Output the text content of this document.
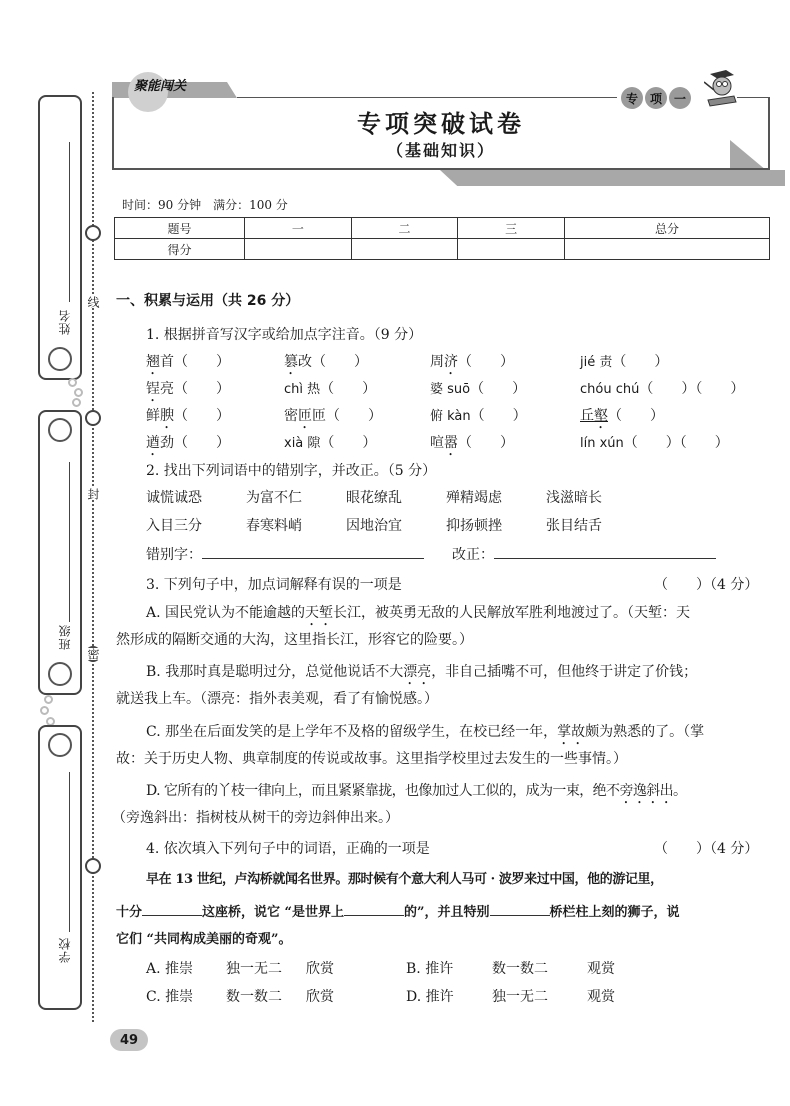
线
封
密
姓名
班级
学校
聚能闯关
专 项 一
专项突破试卷
（基础知识）
时间：90 分钟　满分：100 分
题号	一	二	三	总分
得分				
一、积累与运用（共 26 分）
1. 根据拼音写汉字或给加点字注音。（9 分）
翘首（　　）	篡改（　　）	周济（　　）	jié 责（　　）
锃亮（　　）	chì 热（　　）	婆 suō（　　）	chóu chú（　　）（　　）
鲜腴（　　）	密匝匝（　　）	俯 kàn（　　）	丘壑（　　）
遒劲（　　）	xià 隙（　　）	喧嚣（　　）	lín xún（　　）（　　）
2. 找出下列词语中的错别字，并改正。（5 分）
诚慌诚恐	为富不仁	眼花缭乱	殚精竭虑	浅滋暗长
入目三分	春寒料峭	因地治宜	抑扬顿挫	张目结舌
错别字：	改正：
3. 下列句子中，加点词解释有误的一项是	（　　）（4 分）
A. 国民党认为不能逾越的天堑长江，被英勇无敌的人民解放军胜利地渡过了。（天堑：天
然形成的隔断交通的大沟，这里指长江，形容它的险要。）
B. 我那时真是聪明过分，总觉他说话不大漂亮，非自己插嘴不可，但他终于讲定了价钱；
就送我上车。（漂亮：指外表美观，看了有愉悦感。）
C. 那坐在后面发笑的是上学年不及格的留级学生，在校已经一年，掌故颇为熟悉的了。（掌
故：关于历史人物、典章制度的传说或故事。这里指学校里过去发生的一些事情。）
D. 它所有的丫枝一律向上，而且紧紧靠拢，也像加过人工似的，成为一束，绝不旁逸斜出。
（旁逸斜出：指树枝从树干的旁边斜伸出来。）
4. 依次填入下列句子中的词语，正确的一项是	（　　）（4 分）
早在 13 世纪，卢沟桥就闻名世界。那时候有个意大利人马可 · 波罗来过中国，他的游记里，
十分	这座桥，说它 “是世界上	的”，并且特别	桥栏柱上刻的狮子，说
它们 “共同构成美丽的奇观”。
A. 推崇	独一无二	欣赏	B. 推许	数一数二	观赏
C. 推崇	数一数二	欣赏	D. 推许	独一无二	观赏
49
